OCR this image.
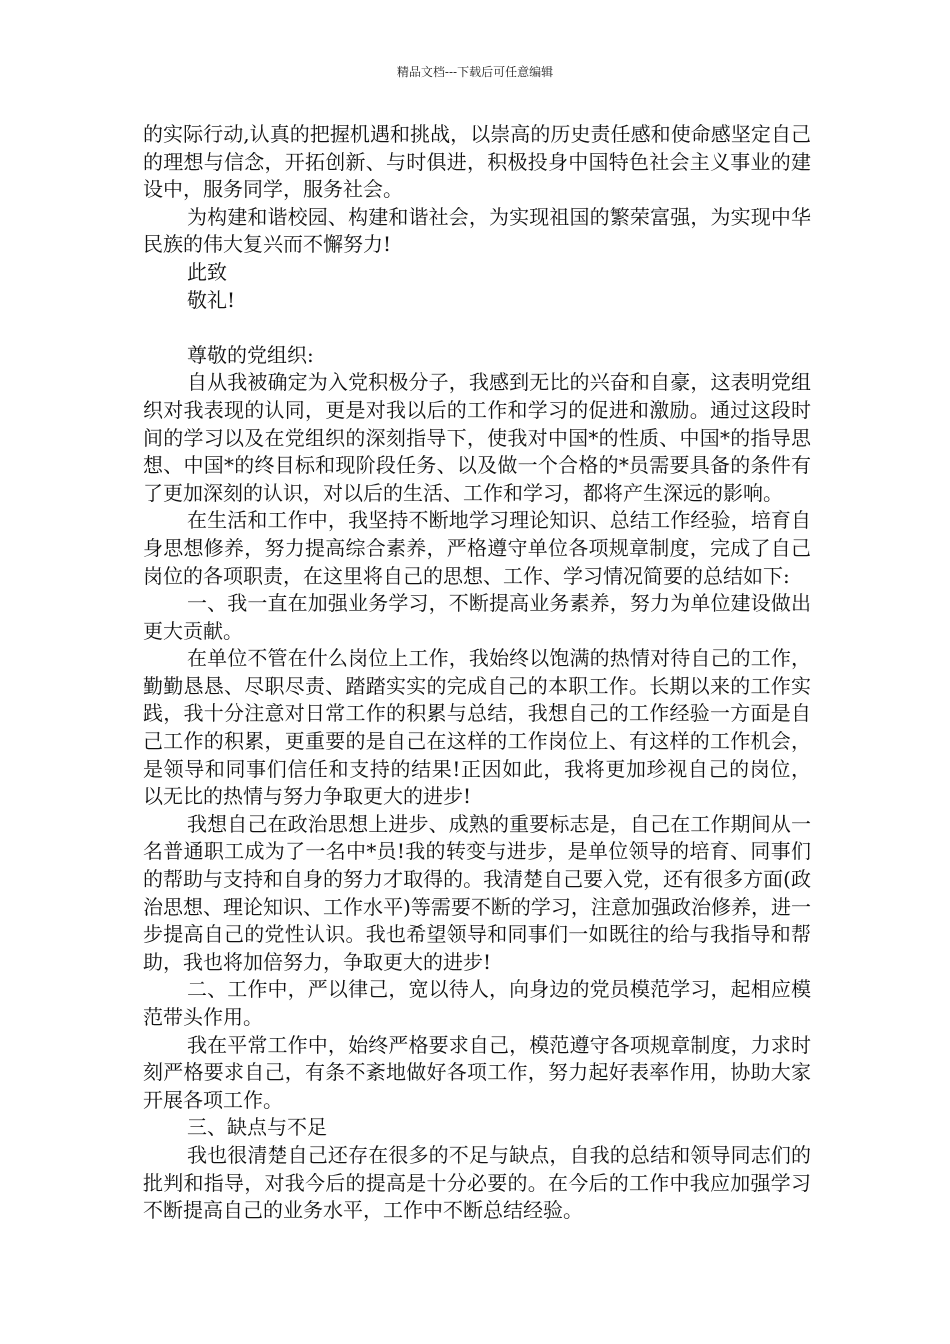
精品文档---下载后可任意编辑

的实际行动,认真的把握机遇和挑战，以崇高的历史责任感和使命感坚定自己的理想与信念，开拓创新、与时俱进，积极投身中国特色社会主义事业的建设中，服务同学，服务社会。

为构建和谐校园、构建和谐社会，为实现祖国的繁荣富强，为实现中华民族的伟大复兴而不懈努力!

此致

敬礼!

尊敬的党组织:

自从我被确定为入党积极分子，我感到无比的兴奋和自豪，这表明党组织对我表现的认同，更是对我以后的工作和学习的促进和激励。通过这段时间的学习以及在党组织的深刻指导下，使我对中国*的性质、中国*的指导思想、中国*的终目标和现阶段任务、以及做一个合格的*员需要具备的条件有了更加深刻的认识，对以后的生活、工作和学习，都将产生深远的影响。

在生活和工作中，我坚持不断地学习理论知识、总结工作经验，培育自身思想修养，努力提高综合素养，严格遵守单位各项规章制度，完成了自己岗位的各项职责，在这里将自己的思想、工作、学习情况简要的总结如下:

一、我一直在加强业务学习，不断提高业务素养，努力为单位建设做出更大贡献。

在单位不管在什么岗位上工作，我始终以饱满的热情对待自己的工作，勤勤恳恳、尽职尽责、踏踏实实的完成自己的本职工作。长期以来的工作实践，我十分注意对日常工作的积累与总结，我想自己的工作经验一方面是自己工作的积累，更重要的是自己在这样的工作岗位上、有这样的工作机会，是领导和同事们信任和支持的结果!正因如此，我将更加珍视自己的岗位，以无比的热情与努力争取更大的进步!

我想自己在政治思想上进步、成熟的重要标志是，自己在工作期间从一名普通职工成为了一名中*员!我的转变与进步，是单位领导的培育、同事们的帮助与支持和自身的努力才取得的。我清楚自己要入党，还有很多方面(政治思想、理论知识、工作水平)等需要不断的学习，注意加强政治修养，进一步提高自己的党性认识。我也希望领导和同事们一如既往的给与我指导和帮助，我也将加倍努力，争取更大的进步!

二、工作中，严以律己，宽以待人，向身边的党员模范学习，起相应模范带头作用。

我在平常工作中，始终严格要求自己，模范遵守各项规章制度，力求时刻严格要求自己，有条不紊地做好各项工作，努力起好表率作用，协助大家开展各项工作。

三、缺点与不足

我也很清楚自己还存在很多的不足与缺点，自我的总结和领导同志们的批判和指导，对我今后的提高是十分必要的。在今后的工作中我应加强学习不断提高自己的业务水平，工作中不断总结经验。
